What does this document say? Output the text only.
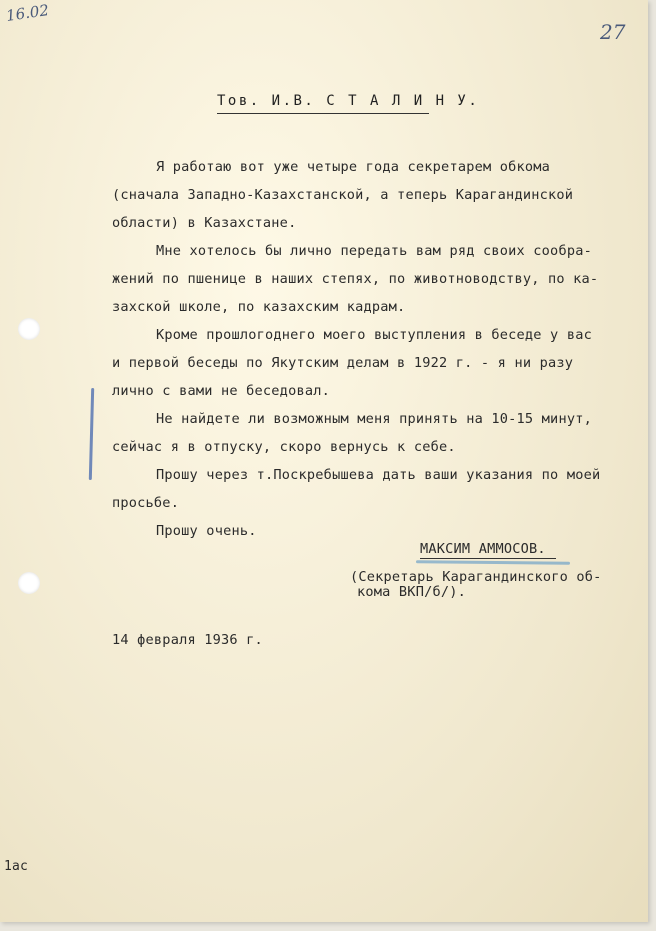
16.02
27
Тов. И.В. С Т А Л И Н У.
Я работаю вот уже четыре года секретарем обкома
(сначала Западно-Казахстанской, а теперь Карагандинской
области) в Казахстане.
Мне хотелось бы лично передать вам ряд своих сообра-
жений по пшенице в наших степях, по животноводству, по ка-
захской школе, по казахским кадрам.
Кроме прошлогоднего моего выступления в беседе у вас
и первой беседы по Якутским делам в 1922 г. - я ни разу
лично с вами не беседовал.
Не найдете ли возможным меня принять на 10-15 минут,
сейчас я в отпуску, скоро вернусь к себе.
Прошу через т.Поскребышева дать ваши указания по моей
просьбе.
Прошу очень.
МАКСИМ АММОСОВ.
(Секретарь Карагандинского об-
кома ВКП/б/).
14 февраля 1936 г.
1ас
